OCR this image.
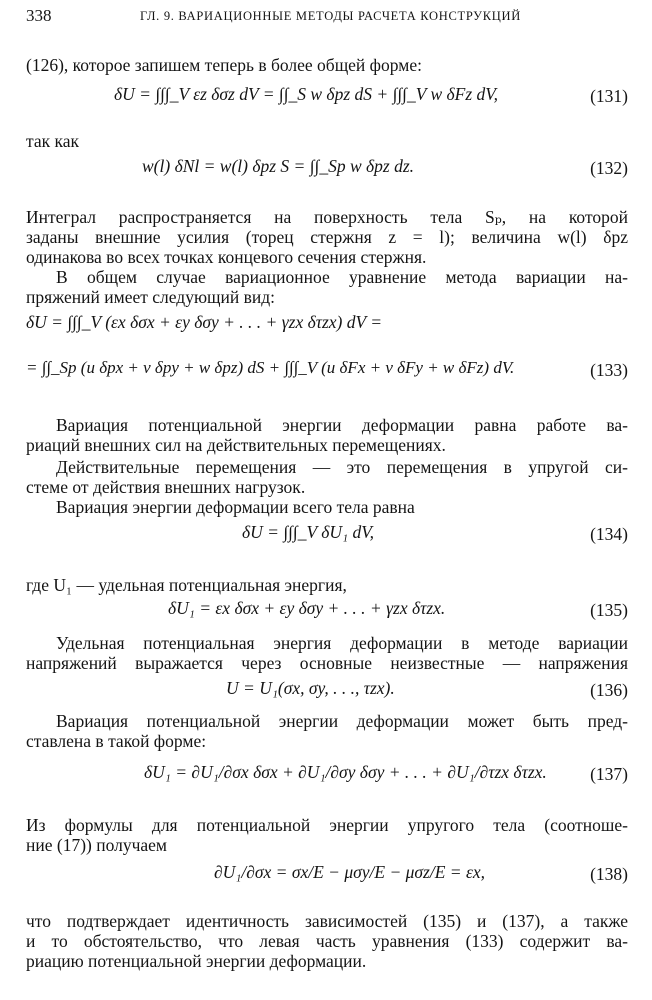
338	ГЛ. 9. ВАРИАЦИОННЫЕ МЕТОДЫ РАСЧЕТА КОНСТРУКЦИЙ
(126), которое запишем теперь в более общей форме:
δU = ∫∫∫_V εz δσz dV = ∫∫_S w δpz dS + ∫∫∫_V w δFz dV,	(131)
так как
w(l) δNl = w(l) δpz S = ∫∫_Sp w δpz dz.	(132)
Интеграл распространяется на поверхность тела Sₚ, на которой
заданы внешние усилия (торец стержня z = l); величина w(l) δpz
одинакова во всех точках концевого сечения стержня.
В общем случае вариационное уравнение метода вариации на-
пряжений имеет следующий вид:
δU = ∫∫∫_V (εx δσx + εy δσy + . . . + γzx δτzx) dV =
= ∫∫_Sp (u δpx + v δpy + w δpz) dS + ∫∫∫_V (u δFx + v δFy + w δFz) dV.	(133)
Вариация потенциальной энергии деформации равна работе ва-
риаций внешних сил на действительных перемещениях.
Действительные перемещения — это перемещения в упругой си-
стеме от действия внешних нагрузок.
Вариация энергии деформации всего тела равна
δU = ∫∫∫_V δU₁ dV,	(134)
где U₁ — удельная потенциальная энергия,
δU₁ = εx δσx + εy δσy + . . . + γzx δτzx.	(135)
Удельная потенциальная энергия деформации в методе вариации
напряжений выражается через основные неизвестные — напряжения
U = U₁(σx, σy, . . ., τzx).	(136)
Вариация потенциальной энергии деформации может быть пред-
ставлена в такой форме:
δU₁ = ∂U₁/∂σx δσx + ∂U₁/∂σy δσy + . . . + ∂U₁/∂τzx δτzx. (137)
Из формулы для потенциальной энергии упругого тела (соотноше-
ние (17)) получаем
∂U₁/∂σx = σx/E − μσy/E − μσz/E = εx,	(138)
что подтверждает идентичность зависимостей (135) и (137), а также
и то обстоятельство, что левая часть уравнения (133) содержит ва-
риацию потенциальной энергии деформации.
